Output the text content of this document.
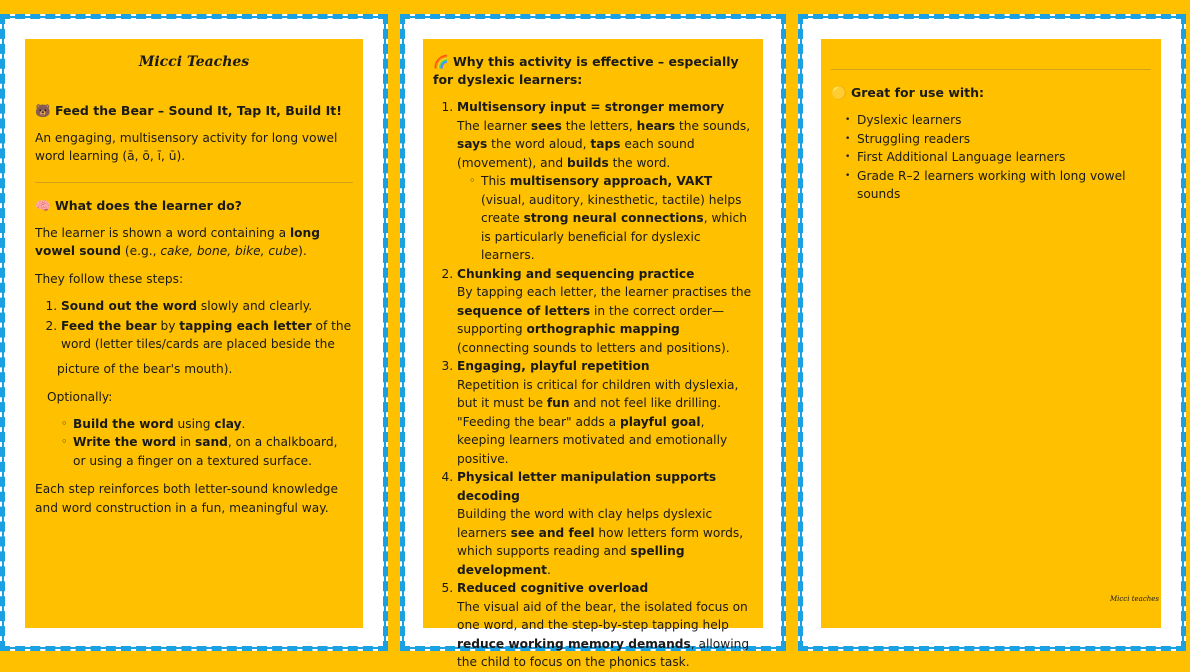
Micci Teaches
🐻 Feed the Bear – Sound It, Tap It, Build It!

An engaging, multisensory activity for long vowel word learning (ā, ō, ī, ū).

🧠 What does the learner do?

The learner is shown a word containing a long vowel sound (e.g., cake, bone, bike, cube).

They follow these steps:

1. Sound out the word slowly and clearly.
2. Feed the bear by tapping each letter of the word (letter tiles/cards are placed beside the
picture of the bear's mouth).
Optionally:
◦ Build the word using clay.
◦ Write the word in sand, on a chalkboard, or using a finger on a textured surface.

Each step reinforces both letter-sound knowledge and word construction in a fun, meaningful way.

🌈 Why this activity is effective – especially for dyslexic learners:
1. Multisensory input = stronger memory
The learner sees the letters, hears the sounds, says the word aloud, taps each sound (movement), and builds the word.
◦ This multisensory approach, VAKT (visual, auditory, kinesthetic, tactile) helps create strong neural connections, which is particularly beneficial for dyslexic learners.
2. Chunking and sequencing practice
By tapping each letter, the learner practises the sequence of letters in the correct order—supporting orthographic mapping (connecting sounds to letters and positions).
3. Engaging, playful repetition
Repetition is critical for children with dyslexia, but it must be fun and not feel like drilling. "Feeding the bear" adds a playful goal, keeping learners motivated and emotionally positive.
4. Physical letter manipulation supports decoding
Building the word with clay helps dyslexic learners see and feel how letters form words, which supports reading and spelling development.
5. Reduced cognitive overload
The visual aid of the bear, the isolated focus on one word, and the step-by-step tapping help reduce working memory demands, allowing the child to focus on the phonics task.
🟡 Great for use with:
• Dyslexic learners
• Struggling readers
• First Additional Language learners
• Grade R–2 learners working with long vowel sounds
Micci teaches
